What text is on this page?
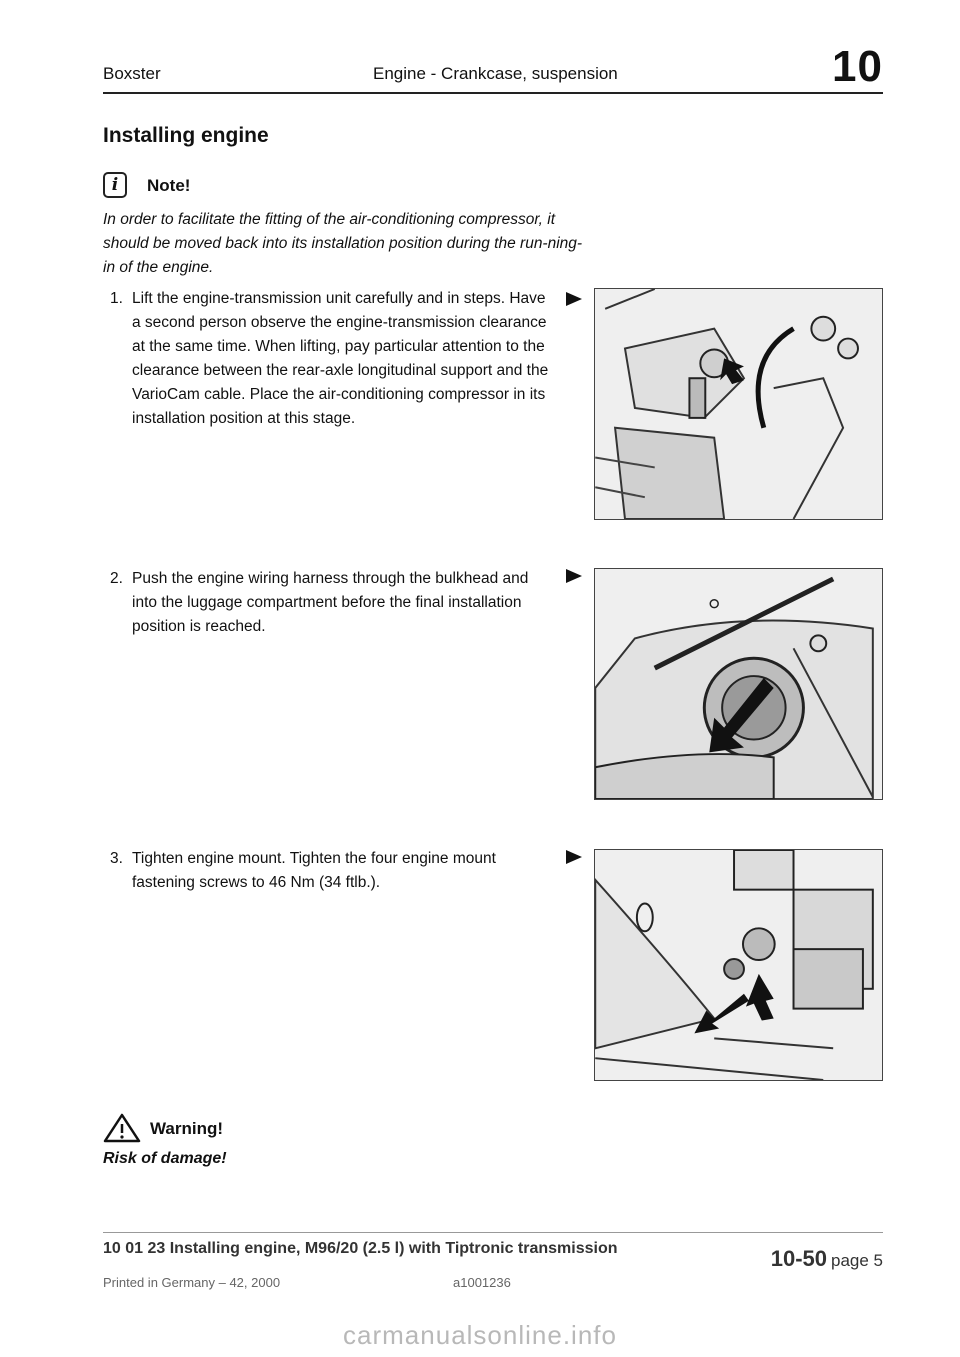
Boxster	Engine - Crankcase, suspension	10
Installing engine
i	Note!
In order to facilitate the fitting of the air-conditioning compressor, it should be moved back into its installation position during the run-ning-in of the engine.
1. Lift the engine-transmission unit carefully and in steps. Have a second person observe the engine-transmission clearance at the same time. When lifting, pay particular attention to the clearance between the rear-axle longitudinal support and the VarioCam cable. Place the air-conditioning compressor in its installation position at this stage.
2. Push the engine wiring harness through the bulkhead and into the luggage compartment before the final installation position is reached.
3. Tighten engine mount. Tighten the four engine mount fastening screws to 46 Nm (34 ftlb.).
Warning!
Risk of damage!
10 01 23 Installing engine, M96/20 (2.5 l) with Tiptronic transmission
Printed in Germany – 42, 2000	a1001236
10-50 page 5
carmanualsonline.info
